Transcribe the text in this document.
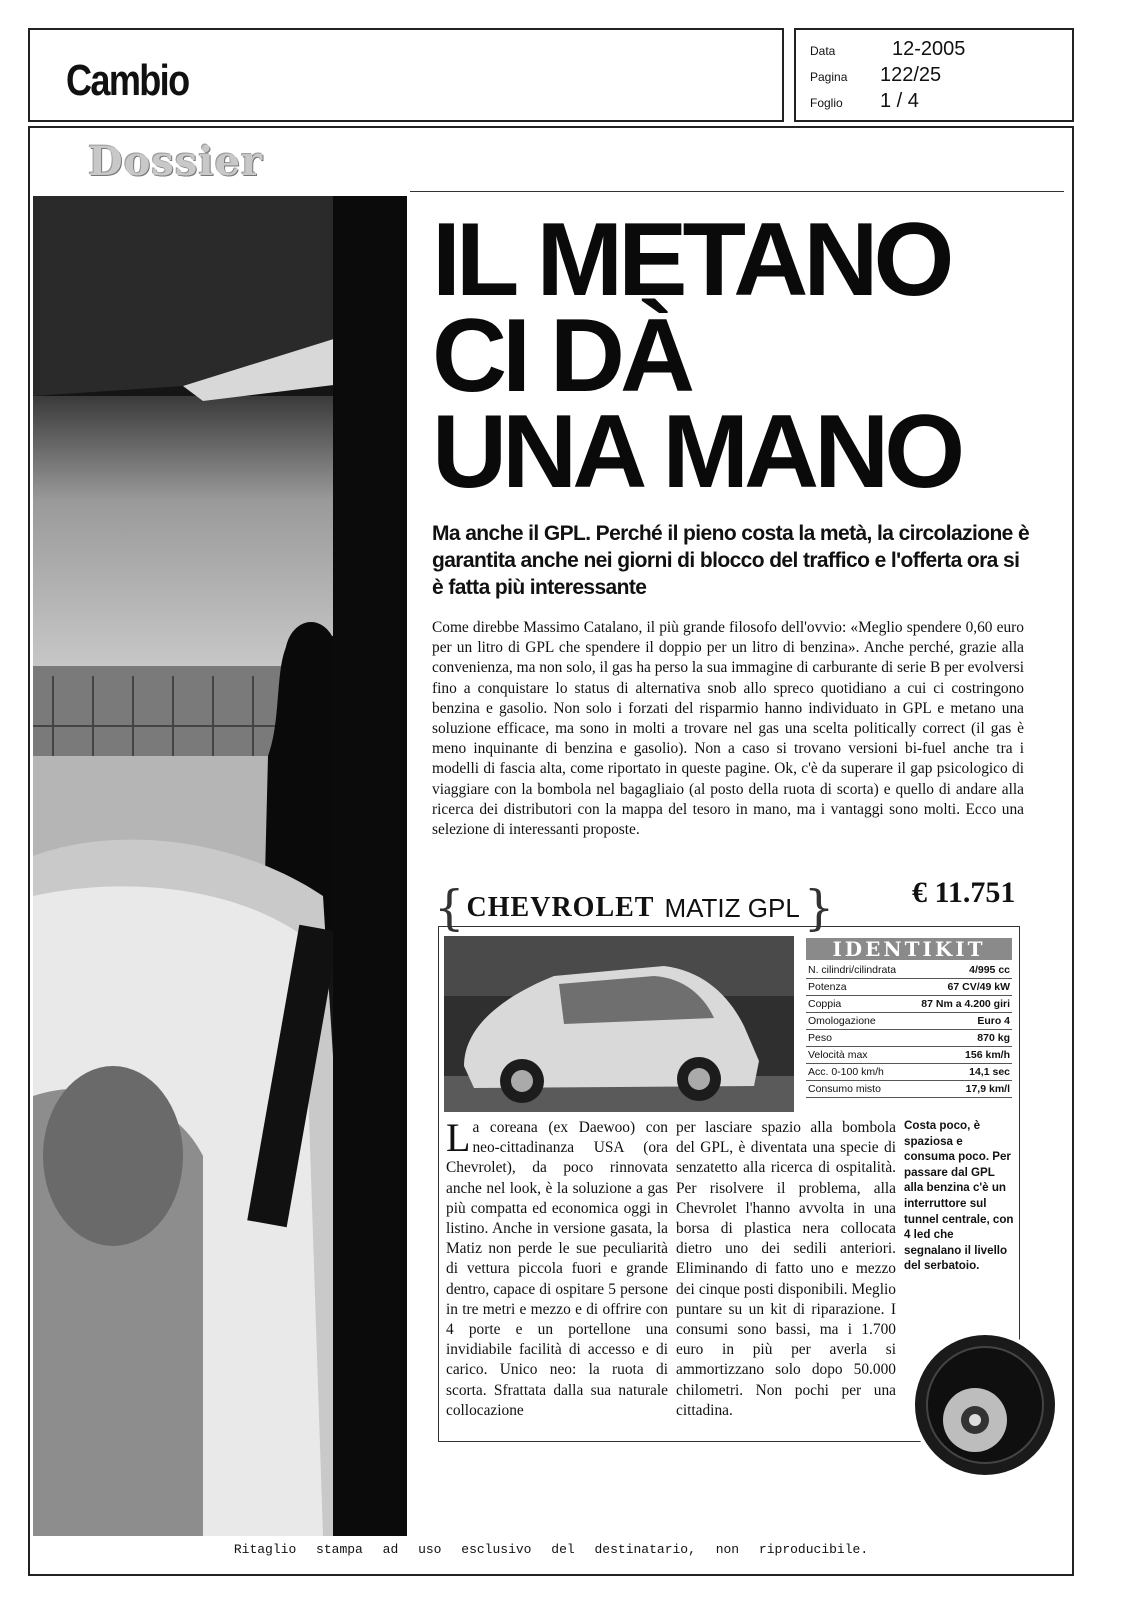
Cambio
Data	12-2005
Pagina	122/25
Foglio	1 / 4
Dossier
IL METANO
CI DÀ
UNA MANO

Ma anche il GPL. Perché il pieno costa la metà, la circolazione è garantita anche nei giorni di blocco del traffico e l'offerta ora si è fatta più interessante

Come direbbe Massimo Catalano, il più grande filosofo dell'ovvio: «Meglio spendere 0,60 euro per un litro di GPL che spendere il doppio per un litro di benzina». Anche perché, grazie alla convenienza, ma non solo, il gas ha perso la sua immagine di carburante di serie B per evolversi fino a conquistare lo status di alternativa snob allo spreco quotidiano a cui ci costringono benzina e gasolio. Non solo i forzati del risparmio hanno individuato in GPL e metano una soluzione efficace, ma sono in molti a trovare nel gas una scelta politically correct (il gas è meno inquinante di benzina e gasolio). Non a caso si trovano versioni bi-fuel anche tra i modelli di fascia alta, come riportato in queste pagine. Ok, c'è da superare il gap psicologico di viaggiare con la bombola nel bagagliaio (al posto della ruota di scorta) e quello di andare alla ricerca dei distributori con la mappa del tesoro in mano, ma i vantaggi sono molti. Ecco una selezione di interessanti proposte.

{ CHEVROLET MATIZ GPL }	€ 11.751
IDENTIKIT
N. cilindri/cilindrata	4/995 cc
Potenza	67 CV/49 kW
Coppia	87 Nm a 4.200 giri
Omologazione	Euro 4
Peso	870 kg
Velocità max	156 km/h
Acc. 0-100 km/h	14,1 sec
Consumo misto	17,9 km/l

La coreana (ex Daewoo) con neo-cittadinanza USA (ora Chevrolet), da poco rinnovata anche nel look, è la soluzione a gas più compatta ed economica oggi in listino. Anche in versione gasata, la Matiz non perde le sue peculiarità di vettura piccola fuori e grande dentro, capace di ospitare 5 persone in tre metri e mezzo e di offrire con 4 porte e un portellone una invidiabile facilità di accesso e di carico. Unico neo: la ruota di scorta. Sfrattata dalla sua naturale collocazione

per lasciare spazio alla bombola del GPL, è diventata una specie di senzatetto alla ricerca di ospitalità. Per risolvere il problema, alla Chevrolet l'hanno avvolta in una borsa di plastica nera collocata dietro uno dei sedili anteriori. Eliminando di fatto uno e mezzo dei cinque posti disponibili. Meglio puntare su un kit di riparazione. I consumi sono bassi, ma i 1.700 euro in più per averla si ammortizzano solo dopo 50.000 chilometri. Non pochi per una cittadina.

Costa poco, è spaziosa e consuma poco. Per passare dal GPL alla benzina c'è un interruttore sul tunnel centrale, con 4 led che segnalano il livello del serbatoio.

Ritaglio stampa ad uso esclusivo del destinatario, non riproducibile.
